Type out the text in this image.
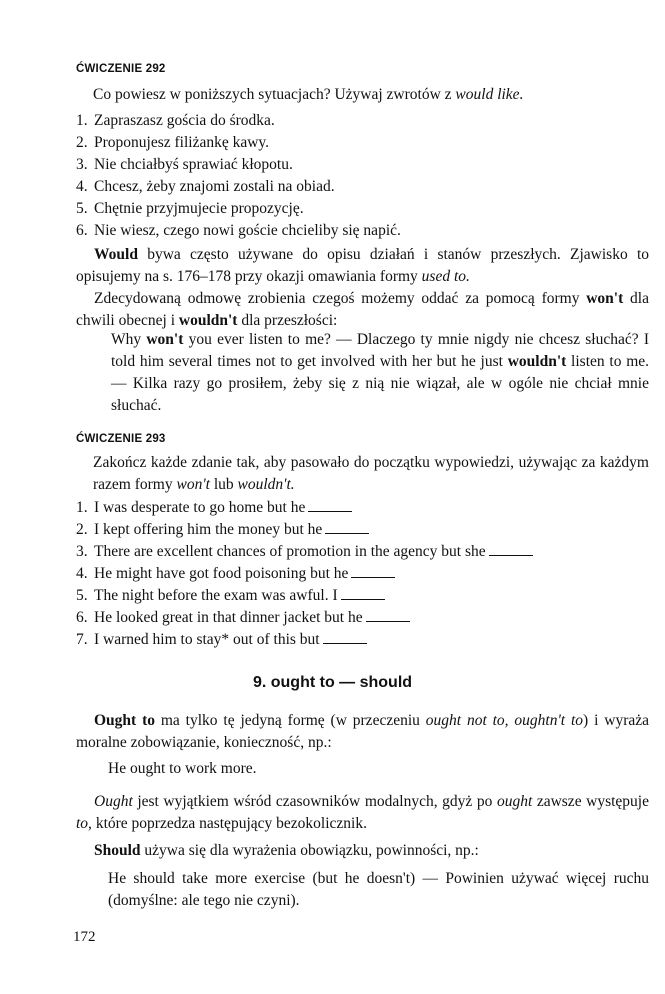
ĆWICZENIE 292

Co powiesz w poniższych sytuacjach? Używaj zwrotów z would like.

1. Zapraszasz gościa do środka.
2. Proponujesz filiżankę kawy.
3. Nie chciałbyś sprawiać kłopotu.
4. Chcesz, żeby znajomi zostali na obiad.
5. Chętnie przyjmujecie propozycję.
6. Nie wiesz, czego nowi goście chcieliby się napić.

Would bywa często używane do opisu działań i stanów przeszłych. Zjawisko to opisujemy na s. 176–178 przy okazji omawiania formy used to.

Zdecydowaną odmowę zrobienia czegoś możemy oddać za pomocą formy won't dla chwili obecnej i wouldn't dla przeszłości:

Why won't you ever listen to me? — Dlaczego ty mnie nigdy nie chcesz słuchać? I told him several times not to get involved with her but he just wouldn't listen to me. — Kilka razy go prosiłem, żeby się z nią nie wiązał, ale w ogóle nie chciał mnie słuchać.

ĆWICZENIE 293

Zakończ każde zdanie tak, aby pasowało do początku wypowiedzi, używając za każdym razem formy won't lub wouldn't.

1. I was desperate to go home but he
2. I kept offering him the money but he
3. There are excellent chances of promotion in the agency but she
4. He might have got food poisoning but he
5. The night before the exam was awful. I
6. He looked great in that dinner jacket but he
7. I warned him to stay* out of this but
9. ought to — should

Ought to ma tylko tę jedyną formę (w przeczeniu ought not to, oughtn't to) i wyraża moralne zobowiązanie, konieczność, np.:

He ought to work more.

Ought jest wyjątkiem wśród czasowników modalnych, gdyż po ought zawsze występuje to, które poprzedza następujący bezokolicznik.

Should używa się dla wyrażenia obowiązku, powinności, np.:

He should take more exercise (but he doesn't) — Powinien używać więcej ruchu (domyślne: ale tego nie czyni).

172
